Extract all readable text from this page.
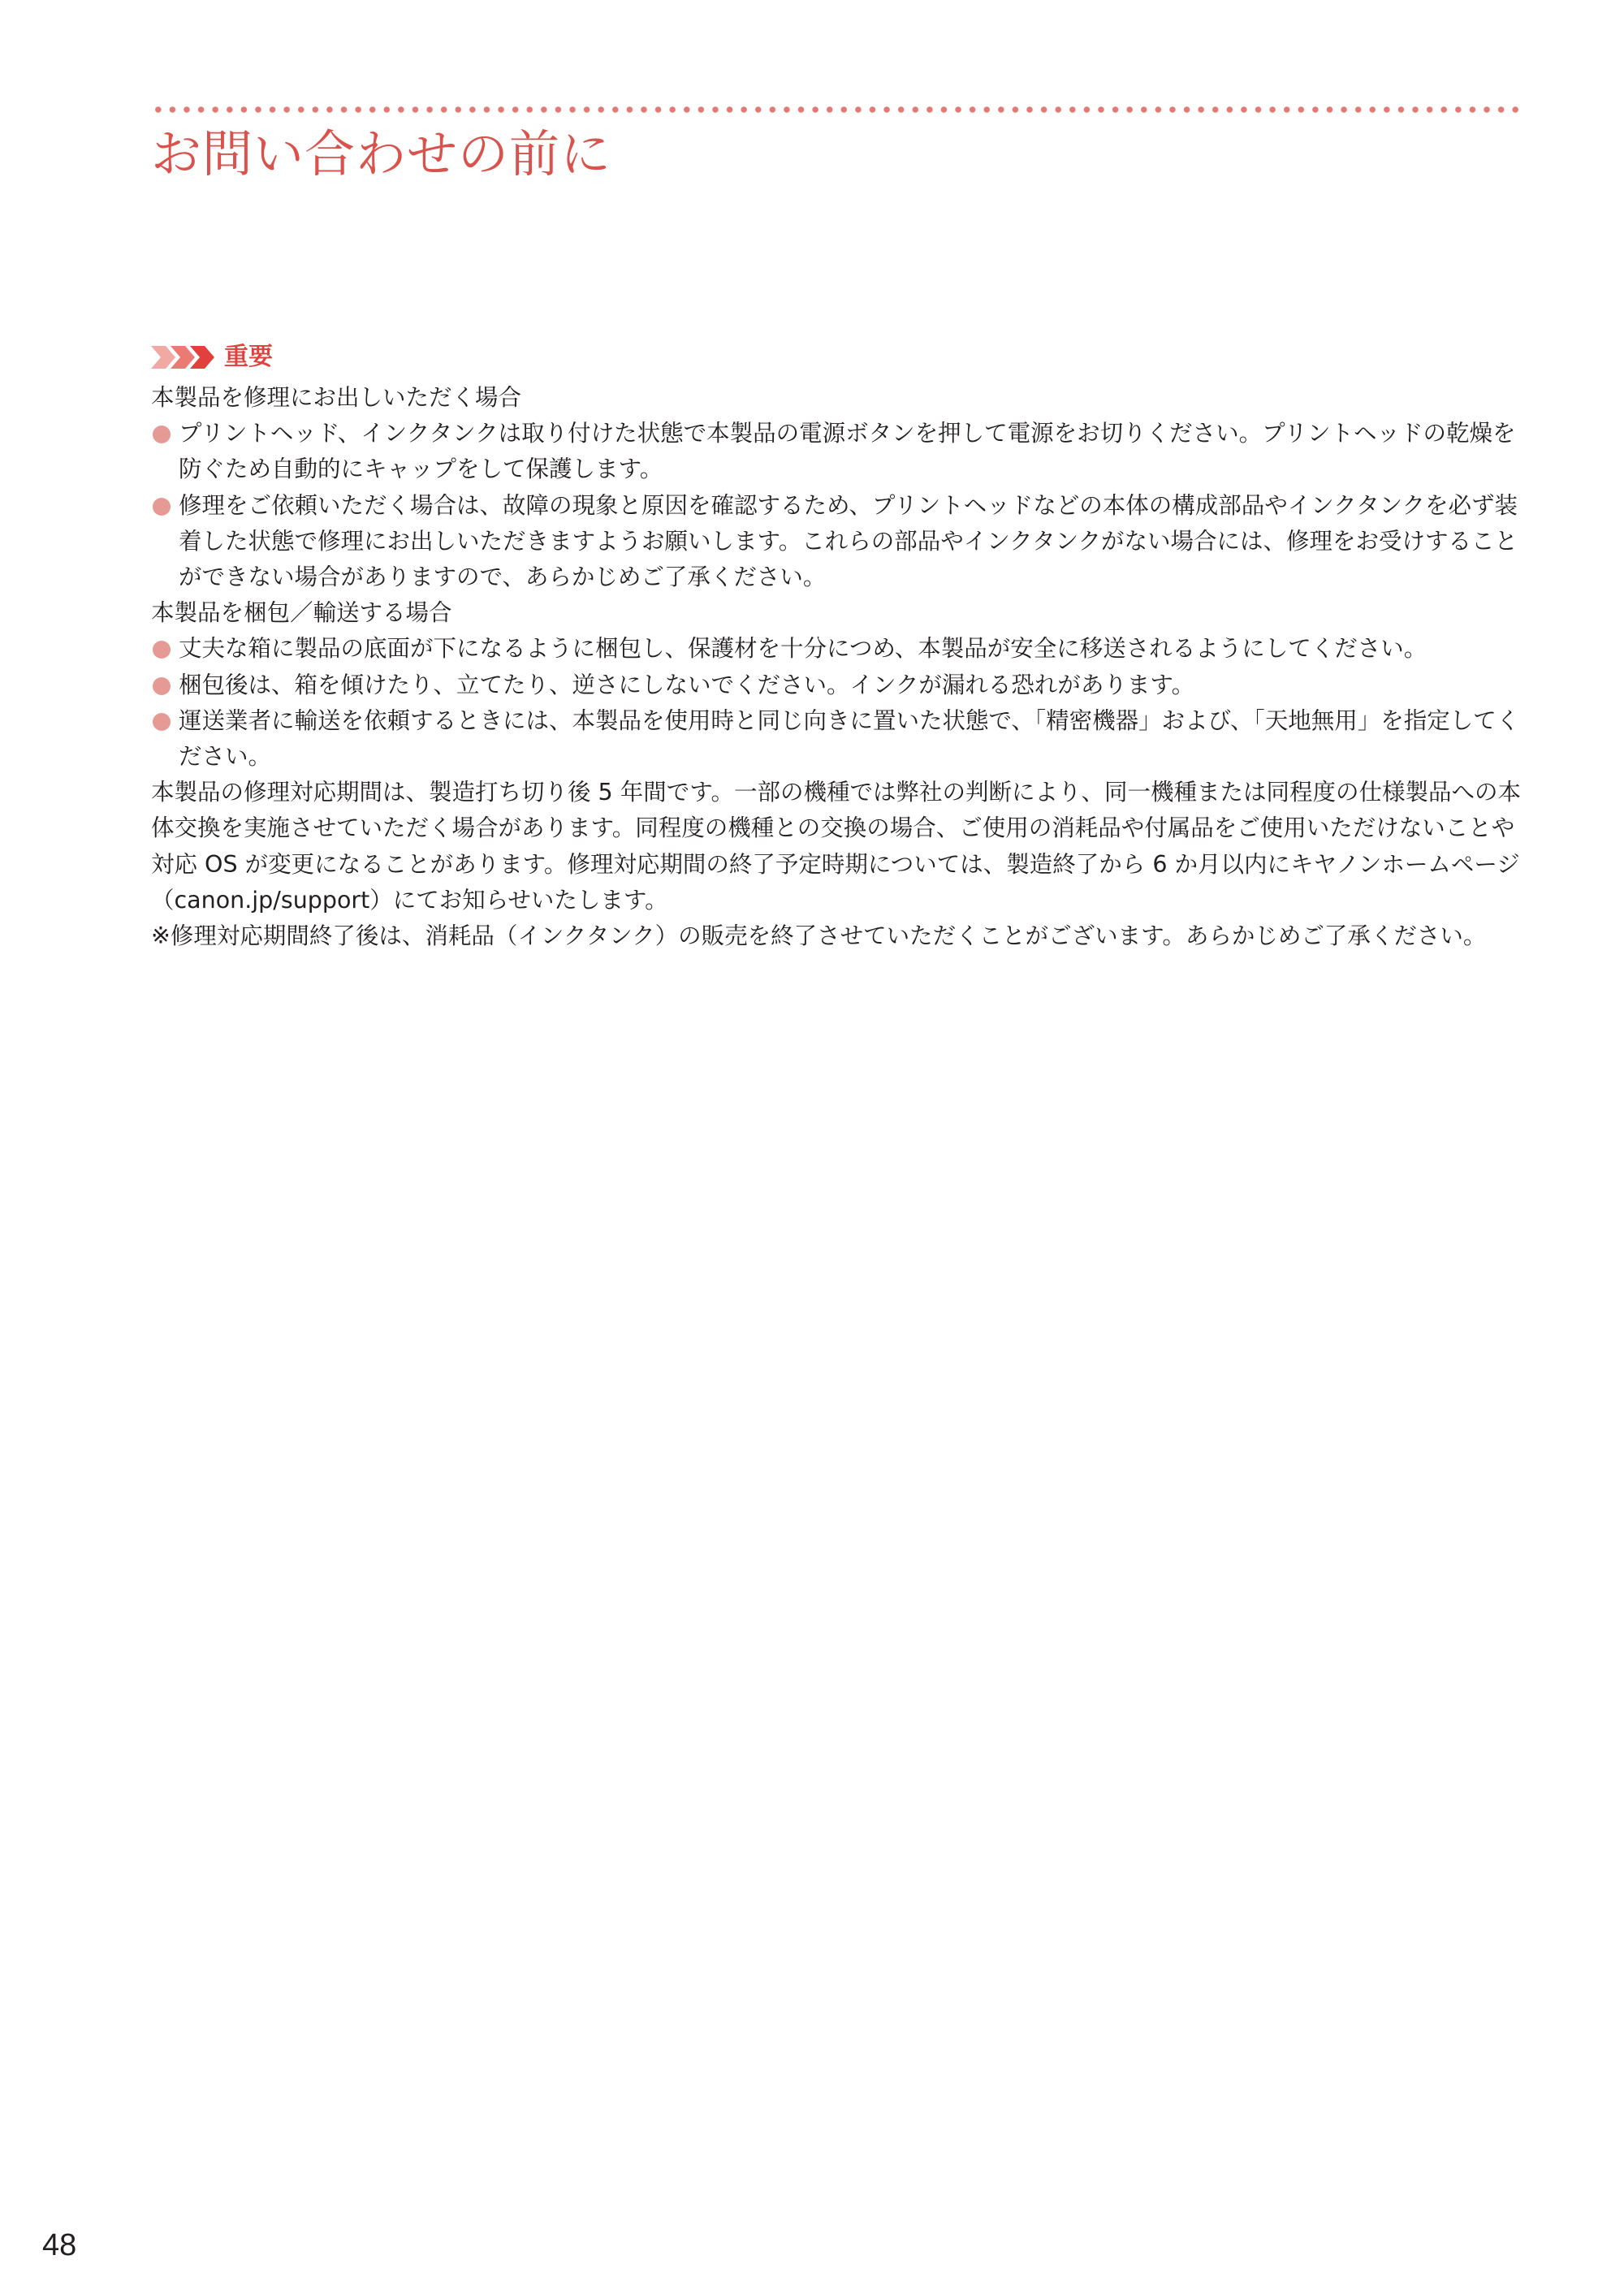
お問い合わせの前に
重要

本製品を修理にお出しいただく場合

プリントヘッド、インクタンクは取り付けた状態で本製品の電源ボタンを押して電源をお切りください。プリントヘッドの乾燥を防ぐため自動的にキャップをして保護します。
修理をご依頼いただく場合は、故障の現象と原因を確認するため、プリントヘッドなどの本体の構成部品やインクタンクを必ず装着した状態で修理にお出しいただきますようお願いします。これらの部品やインクタンクがない場合には、修理をお受けすることができない場合がありますので、あらかじめご了承ください。

本製品を梱包／輸送する場合

丈夫な箱に製品の底面が下になるように梱包し、保護材を十分につめ、本製品が安全に移送されるようにしてください。
梱包後は、箱を傾けたり、立てたり、逆さにしないでください。インクが漏れる恐れがあります。
運送業者に輸送を依頼するときには、本製品を使用時と同じ向きに置いた状態で、「精密機器」および、「天地無用」を指定してください。

本製品の修理対応期間は、製造打ち切り後 5 年間です。一部の機種では弊社の判断により、同一機種または同程度の仕様製品への本体交換を実施させていただく場合があります。同程度の機種との交換の場合、ご使用の消耗品や付属品をご使用いただけないことや対応 OS が変更になることがあります。修理対応期間の終了予定時期については、製造終了から 6 か月以内にキヤノンホームページ（canon.jp/support）にてお知らせいたします。

※修理対応期間終了後は、消耗品（インクタンク）の販売を終了させていただくことがございます。あらかじめご了承ください。

48
